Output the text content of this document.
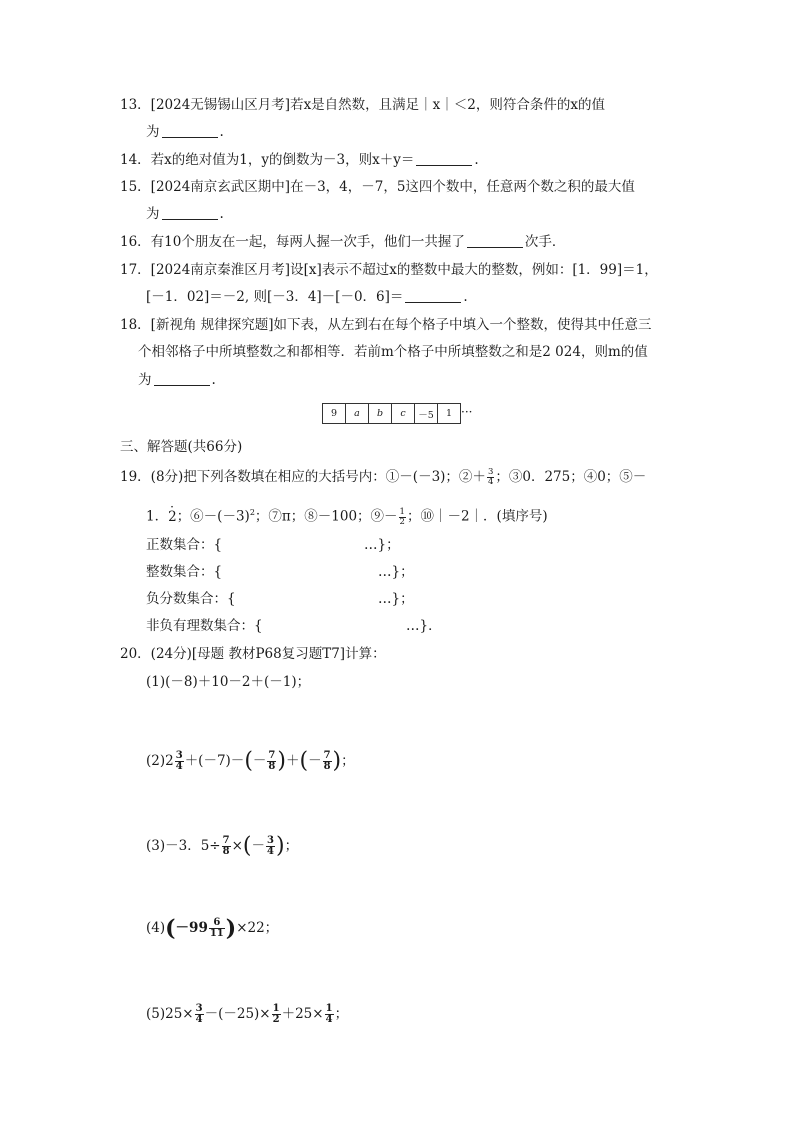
13．[2024无锡锡山区月考]若x是自然数，且满足｜x｜＜2，则符合条件的x的值
为	.
14．若x的绝对值为1，y的倒数为－3，则x＋y＝	.
15．[2024南京玄武区期中]在－3，4，－7，5这四个数中，任意两个数之积的最大值
为	.
16．有10个朋友在一起，每两人握一次手，他们一共握了	次手．
17．[2024南京秦淮区月考]设[x]表示不超过x的整数中最大的整数，例如：[1．99]＝1，
[－1．02]＝－2, 则[－3．4]－[－0．6]＝	.
18．[新视角 规律探究题]如下表，从左到右在每个格子中填入一个整数，使得其中任意三
个相邻格子中所填整数之和都相等．若前m个格子中所填整数之和是2 024，则m的值
为	.
9	a	b	c	－5	1 ···
三、解答题(共66分)
19．(8分)把下列各数填在相应的大括号内：①－(－3)；②＋ $\frac{3}{4}$ ；③0．275；④0；⑤－
1．· 2；$⑥-(-3)^2$；⑦π；⑧－100；⑨－ $\frac{1}{2}$ ；⑩｜－2｜．(填序号)
正数集合：{	…}；
整数集合：{	…}；
负分数集合：{	…}；
非负有理数集合：{	…}．
20．(24分)[母题 教材P68复习题T7]计算：
(1)(－8)＋10－2＋(－1)；
$(2)2 \frac{3}{4} +(-7)-(- \frac{7}{8}$ )＋(－ $\frac{7}{8}$ )；
(3)－3．$5\div \frac{7}{8}$ ×(－ $\frac{3}{4}$ )；
$(4)(-99 \frac{6}{11} )\times 22$；
$(5)25\times \frac{3}{4} -(-25)\times \frac{1}{2} +25\times \frac{1}{4}$ ；
